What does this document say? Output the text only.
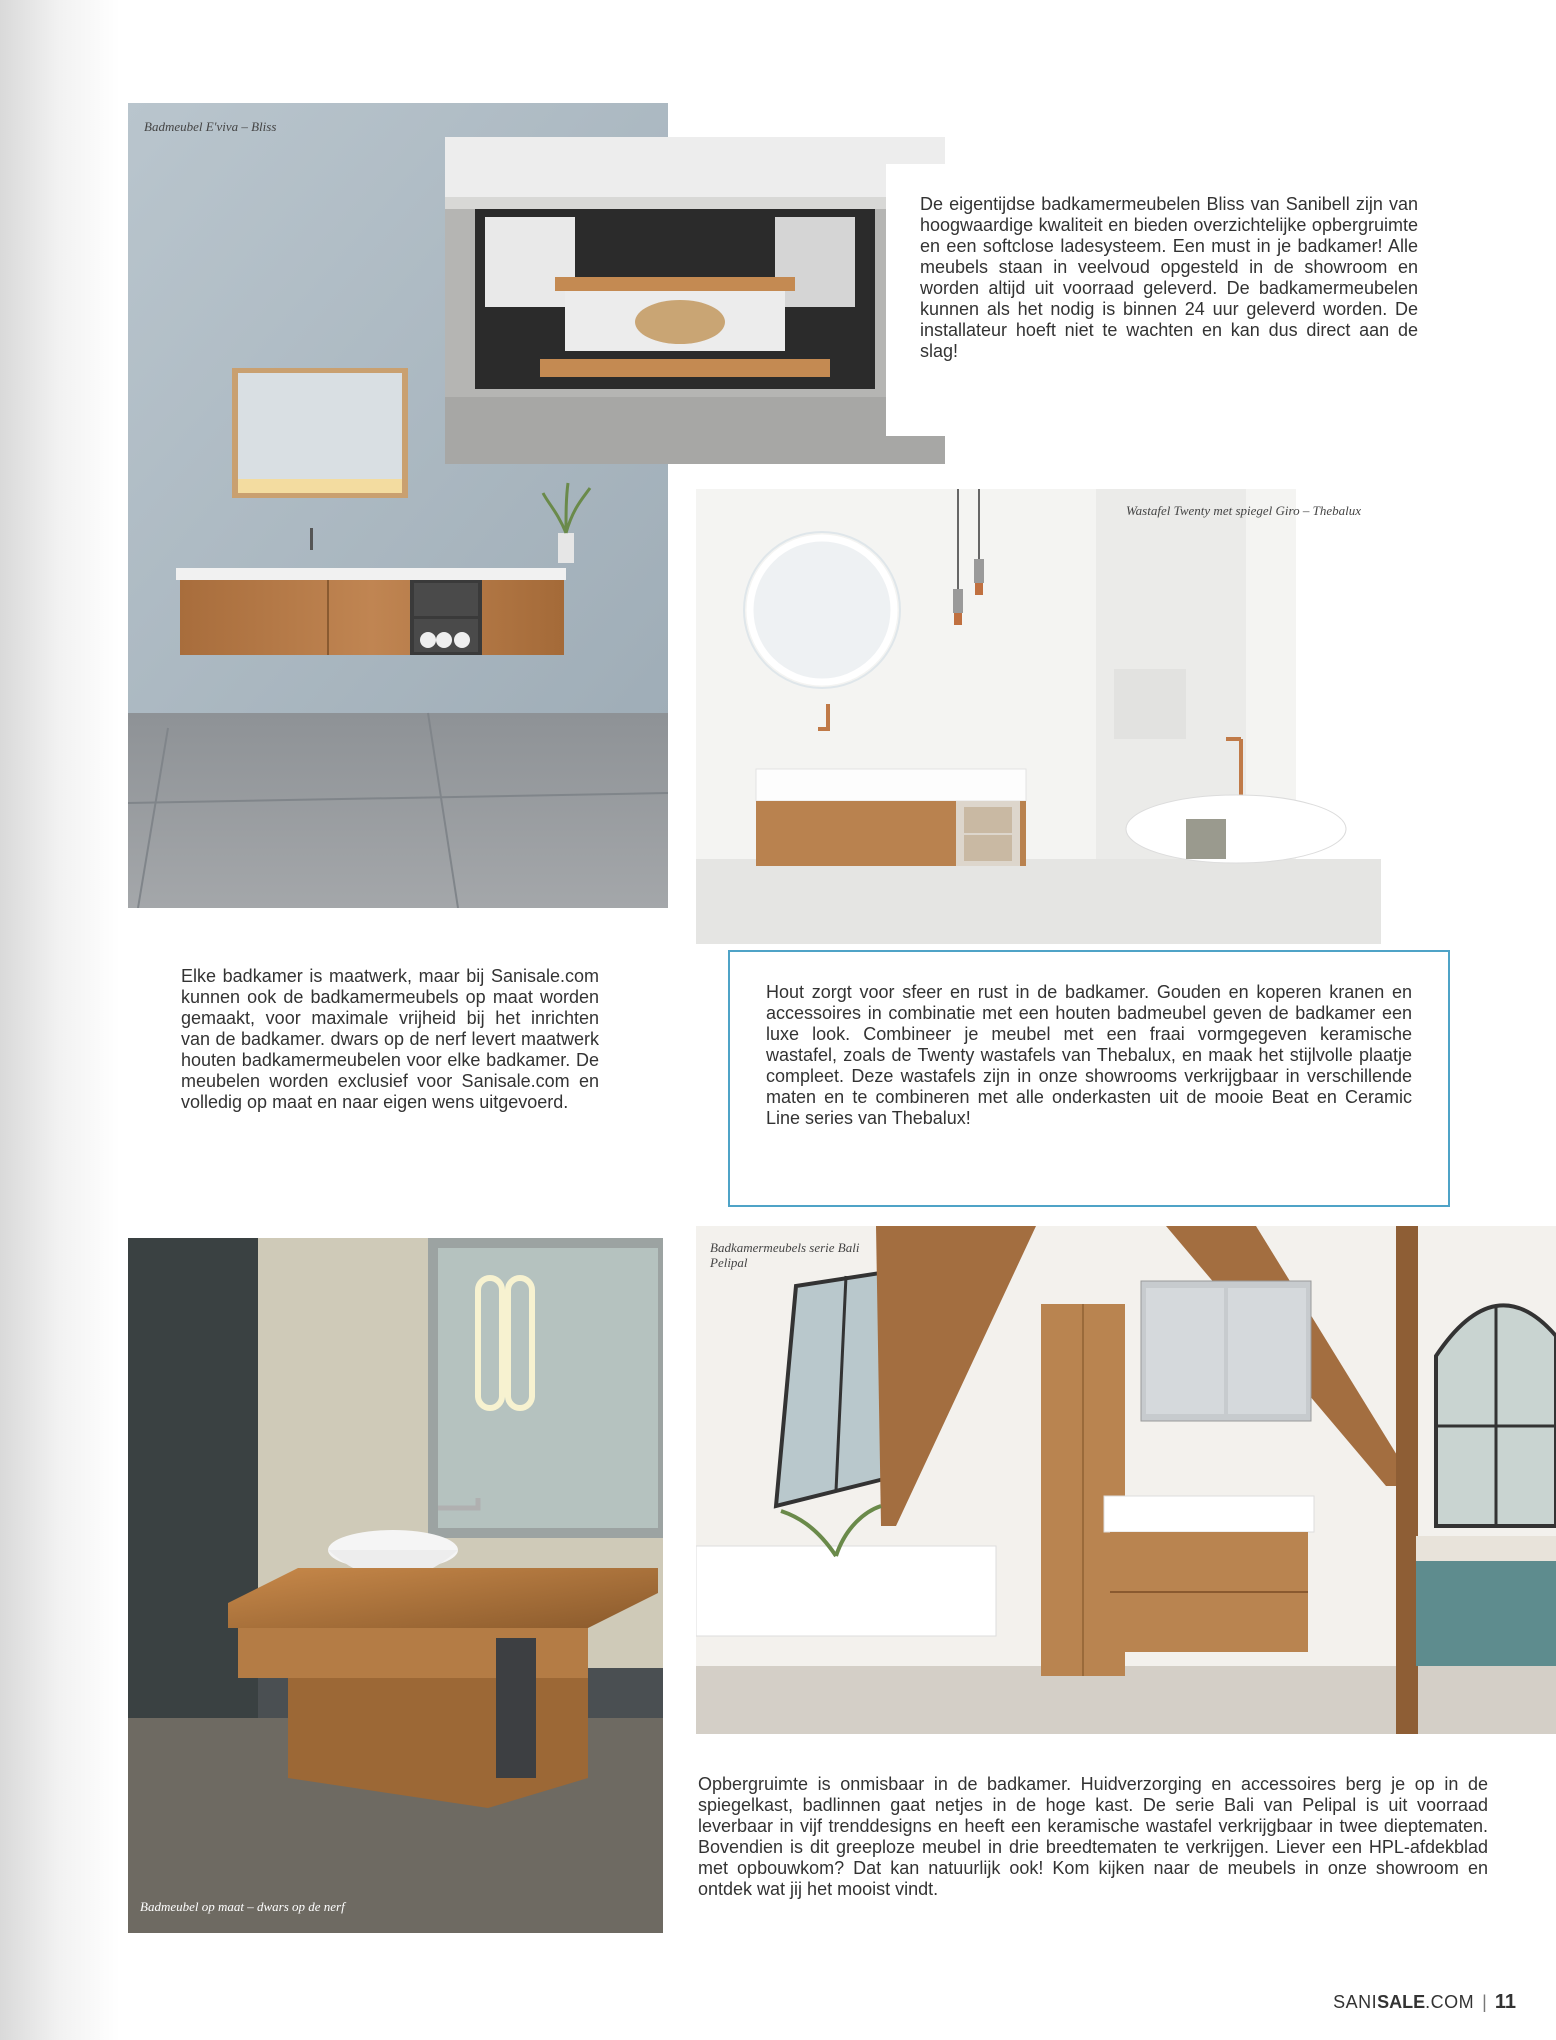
Badmeubel E'viva – Bliss
De eigentijdse badkamermeubelen Bliss van Sanibell zijn van hoogwaardige kwaliteit en bieden overzichtelijke opbergruimte en een softclose ladesysteem. Een must in je badkamer! Alle meubels staan in veelvoud opgesteld in de showroom en worden altijd uit voorraad geleverd. De badkamermeubelen kunnen als het nodig is binnen 24 uur geleverd worden. De installateur hoeft niet te wachten en kan dus direct aan de slag!
Wastafel Twenty met spiegel Giro – Thebalux
Elke badkamer is maatwerk, maar bij Sanisale.com kunnen ook de badkamermeubels op maat worden gemaakt, voor maximale vrijheid bij het inrichten van de badkamer. dwars op de nerf levert maatwerk houten badkamermeubelen voor elke badkamer. De meubelen worden exclusief voor Sanisale.com en volledig op maat en naar eigen wens uitgevoerd.
Hout zorgt voor sfeer en rust in de badkamer. Gouden en koperen kranen en accessoires in combinatie met een houten badmeubel geven de badkamer een luxe look. Combineer je meubel met een fraai vormgegeven keramische wastafel, zoals de Twenty wastafels van Thebalux, en maak het stijlvolle plaatje compleet. Deze wastafels zijn in onze showrooms verkrijgbaar in verschillende maten en te combineren met alle onderkasten uit de mooie Beat en Ceramic Line series van Thebalux!
Badmeubel op maat – dwars op de nerf
Badkamermeubels serie Bali
Pelipal
Opbergruimte is onmisbaar in de badkamer. Huidverzorging en accessoires berg je op in de spiegelkast, badlinnen gaat netjes in de hoge kast. De serie Bali van Pelipal is uit voorraad leverbaar in vijf trenddesigns en heeft een keramische wastafel verkrijgbaar in twee dieptematen. Bovendien is dit greeploze meubel in drie breedtematen te verkrijgen. Liever een HPL-afdekblad met opbouwkom? Dat kan natuurlijk ook! Kom kijken naar de meubels in onze showroom en ontdek wat jij het mooist vindt.
SANISALE.COM | 11
